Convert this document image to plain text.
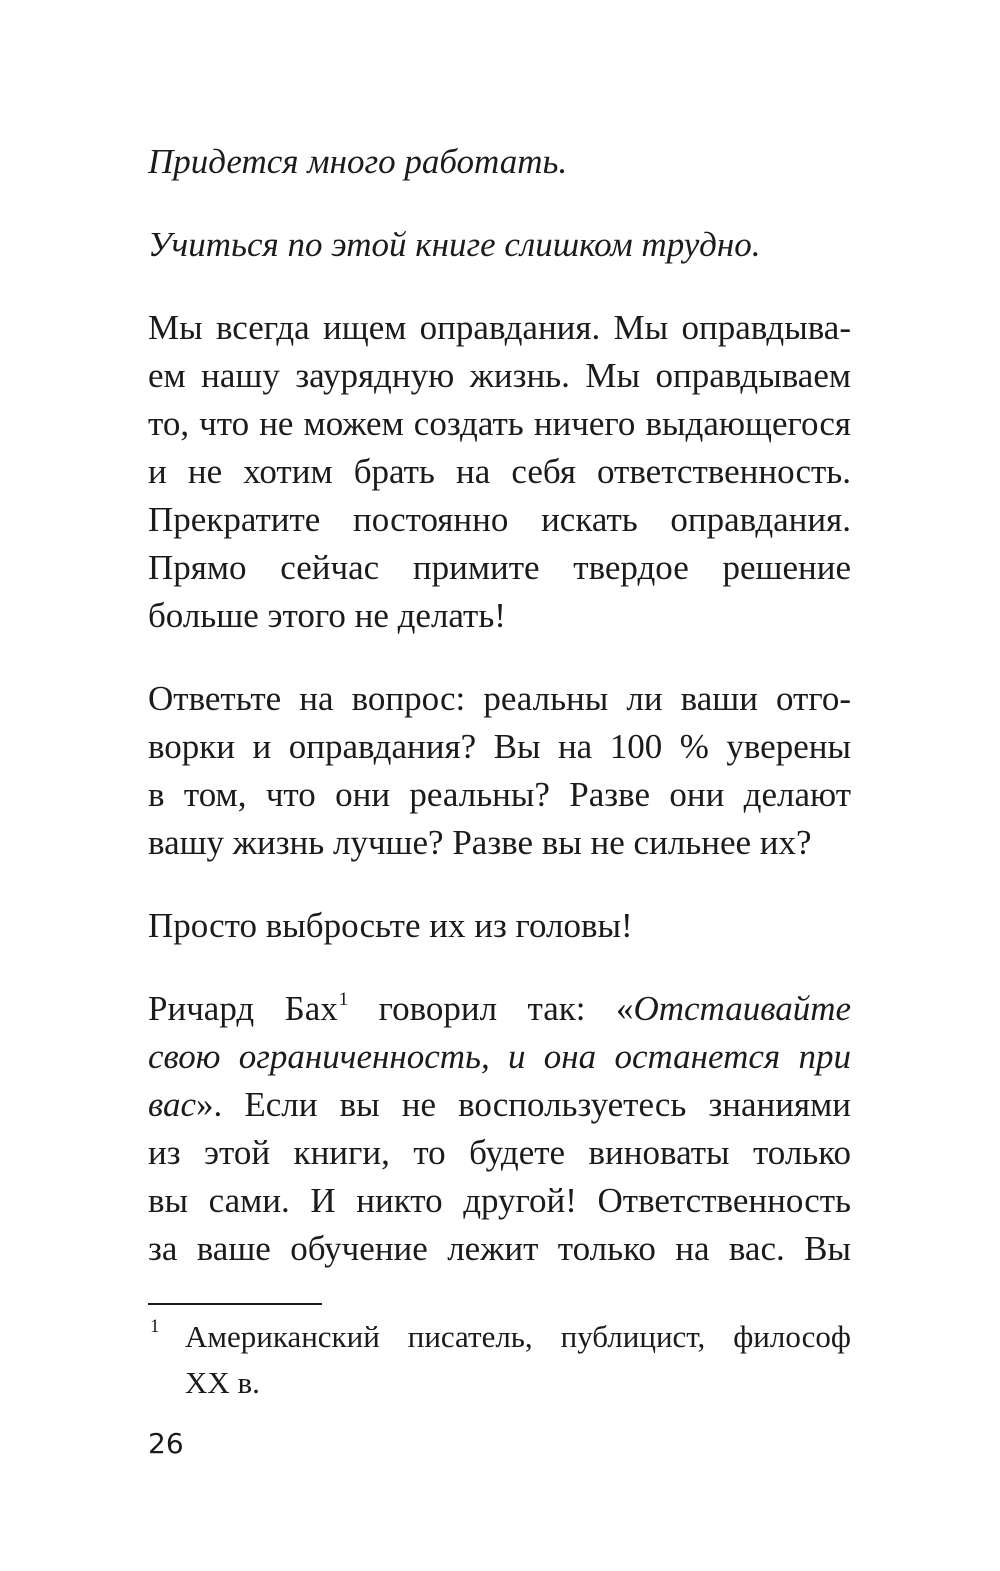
Придется много работать.

Учиться по этой книге слишком трудно.

Мы всегда ищем оправдания. Мы оправдыва-
ем нашу заурядную жизнь. Мы оправдываем
то, что не можем создать ничего выдающегося
и не хотим брать на себя ответственность.
Прекратите постоянно искать оправдания.
Прямо сейчас примите твердое решение
больше этого не делать!

Ответьте на вопрос: реальны ли ваши отго-
ворки и оправдания? Вы на 100 % уверены
в том, что они реальны? Разве они делают
вашу жизнь лучше? Разве вы не сильнее их?

Просто выбросьте их из головы!

Ричард Бах$^1$ говорил так: «Отстаивайте
свою ограниченность, и она останется при
вас». Если вы не воспользуетесь знаниями
из этой книги, то будете виноваты только
вы сами. И никто другой! Ответственность
за ваше обучение лежит только на вас. Вы

1 Американский писатель, публицист, философ
XX в.
26
